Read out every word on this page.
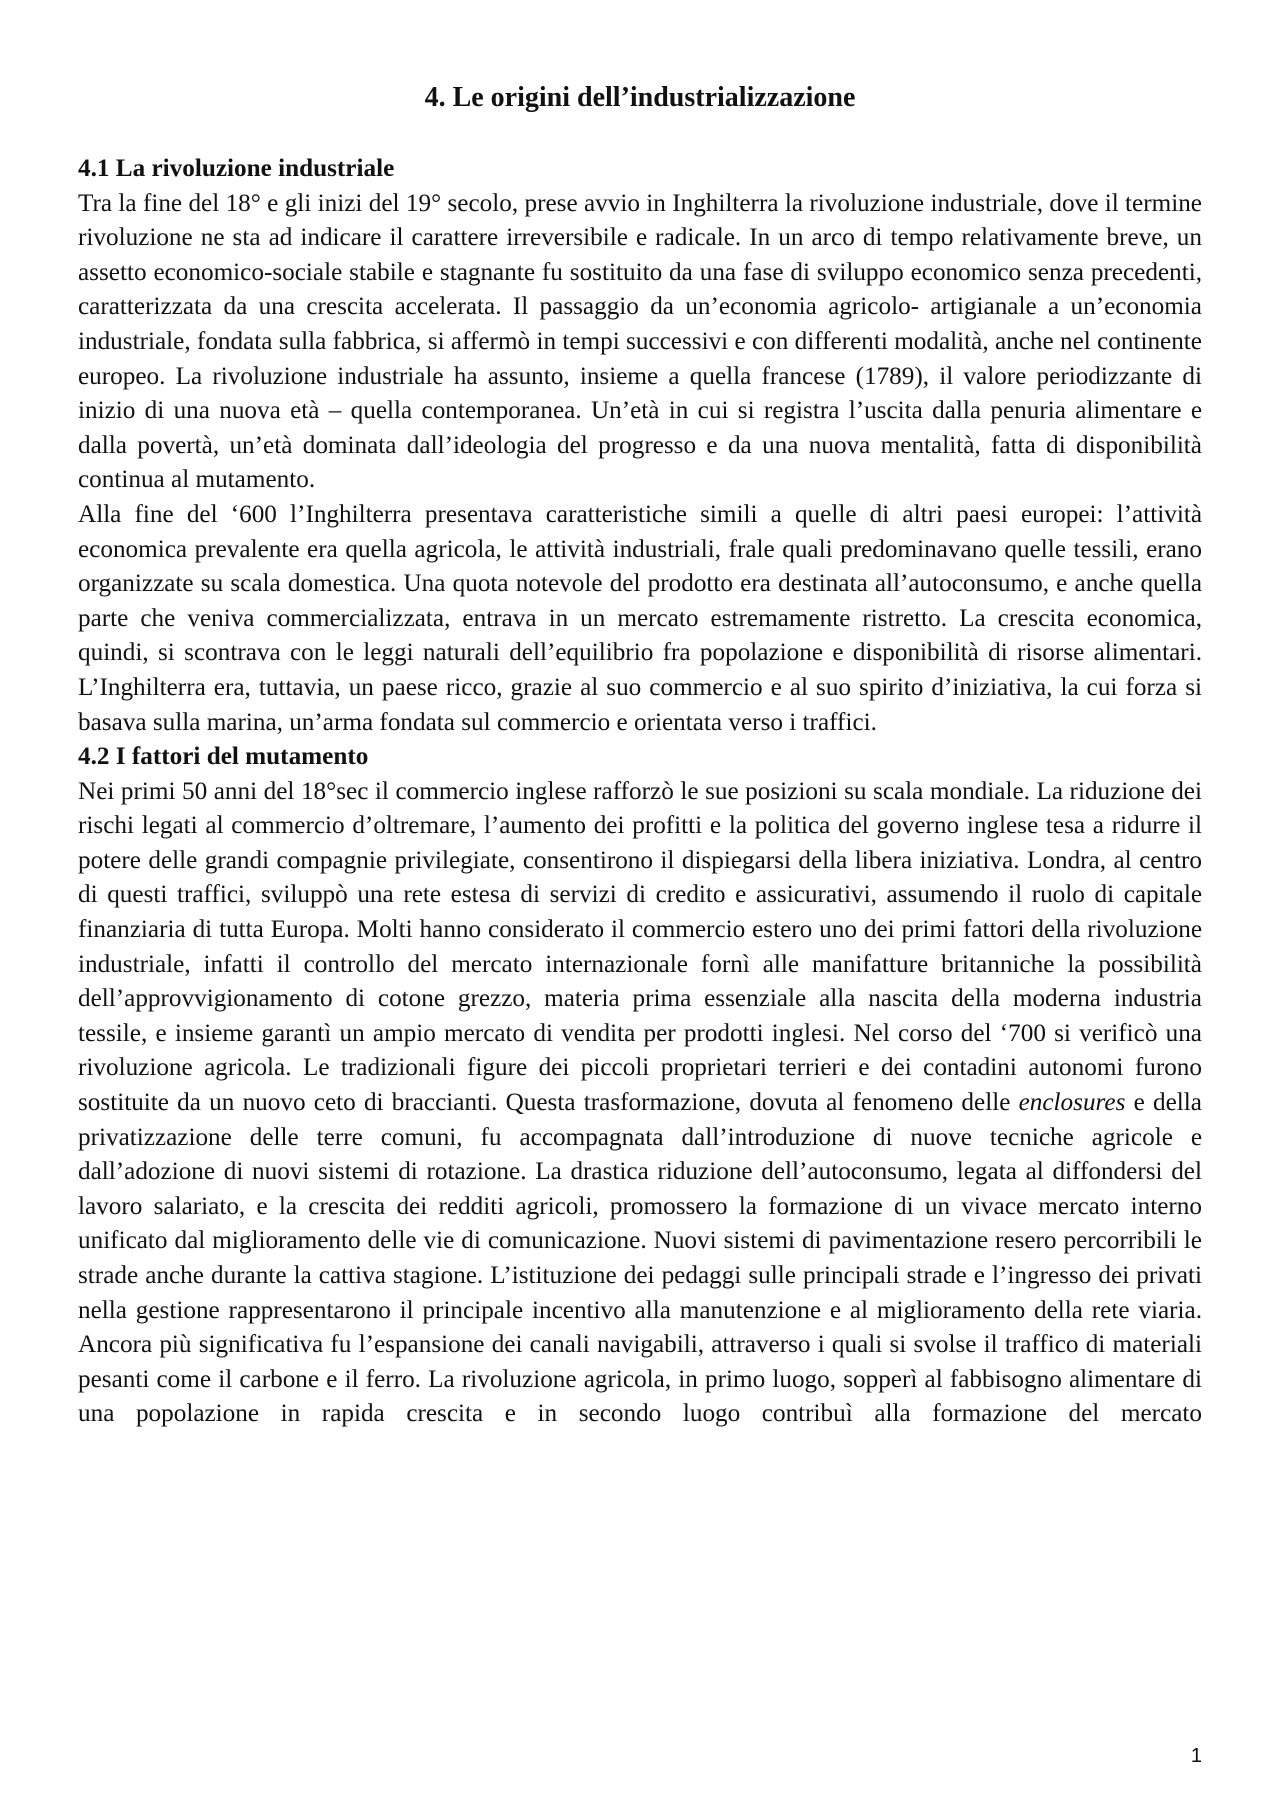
4. Le origini dell’industrializzazione
4.1 La rivoluzione industriale

Tra la fine del 18° e gli inizi del 19° secolo, prese avvio in Inghilterra la rivoluzione industriale, dove il termine rivoluzione ne sta ad indicare il carattere irreversibile e radicale. In un arco di tempo relativamente breve, un assetto economico-sociale stabile e stagnante fu sostituito da una fase di sviluppo economico senza precedenti, caratterizzata da una crescita accelerata. Il passaggio da un’economia agricolo- artigianale a un’economia industriale, fondata sulla fabbrica, si affermò in tempi successivi e con differenti modalità, anche nel continente europeo. La rivoluzione industriale ha assunto, insieme a quella francese (1789), il valore periodizzante di inizio di una nuova età – quella contemporanea. Un’età in cui si registra l’uscita dalla penuria alimentare e dalla povertà, un’età dominata dall’ideologia del progresso e da una nuova mentalità, fatta di disponibilità continua al mutamento.

Alla fine del ‘600 l’Inghilterra presentava caratteristiche simili a quelle di altri paesi europei: l’attività economica prevalente era quella agricola, le attività industriali, frale quali predominavano quelle tessili, erano organizzate su scala domestica. Una quota notevole del prodotto era destinata all’autoconsumo, e anche quella parte che veniva commercializzata, entrava in un mercato estremamente ristretto. La crescita economica, quindi, si scontrava con le leggi naturali dell’equilibrio fra popolazione e disponibilità di risorse alimentari. L’Inghilterra era, tuttavia, un paese ricco, grazie al suo commercio e al suo spirito d’iniziativa, la cui forza si basava sulla marina, un’arma fondata sul commercio e orientata verso i traffici.

4.2 I fattori del mutamento

Nei primi 50 anni del 18°sec il commercio inglese rafforzò le sue posizioni su scala mondiale. La riduzione dei rischi legati al commercio d’oltremare, l’aumento dei profitti e la politica del governo inglese tesa a ridurre il potere delle grandi compagnie privilegiate, consentirono il dispiegarsi della libera iniziativa. Londra, al centro di questi traffici, sviluppò una rete estesa di servizi di credito e assicurativi, assumendo il ruolo di capitale finanziaria di tutta Europa. Molti hanno considerato il commercio estero uno dei primi fattori della rivoluzione industriale, infatti il controllo del mercato internazionale fornì alle manifatture britanniche la possibilità dell’approvvigionamento di cotone grezzo, materia prima essenziale alla nascita della moderna industria tessile, e insieme garantì un ampio mercato di vendita per prodotti inglesi. Nel corso del ‘700 si verificò una rivoluzione agricola. Le tradizionali figure dei piccoli proprietari terrieri e dei contadini autonomi furono sostituite da un nuovo ceto di braccianti. Questa trasformazione, dovuta al fenomeno delle enclosures e della privatizzazione delle terre comuni, fu accompagnata dall’introduzione di nuove tecniche agricole e dall’adozione di nuovi sistemi di rotazione. La drastica riduzione dell’autoconsumo, legata al diffondersi del lavoro salariato, e la crescita dei redditi agricoli, promossero la formazione di un vivace mercato interno unificato dal miglioramento delle vie di comunicazione. Nuovi sistemi di pavimentazione resero percorribili le strade anche durante la cattiva stagione. L’istituzione dei pedaggi sulle principali strade e l’ingresso dei privati nella gestione rappresentarono il principale incentivo alla manutenzione e al miglioramento della rete viaria. Ancora più significativa fu l’espansione dei canali navigabili, attraverso i quali si svolse il traffico di materiali pesanti come il carbone e il ferro. La rivoluzione agricola, in primo luogo, sopperì al fabbisogno alimentare di una popolazione in rapida crescita e in secondo luogo contribuì alla formazione del mercato

1
